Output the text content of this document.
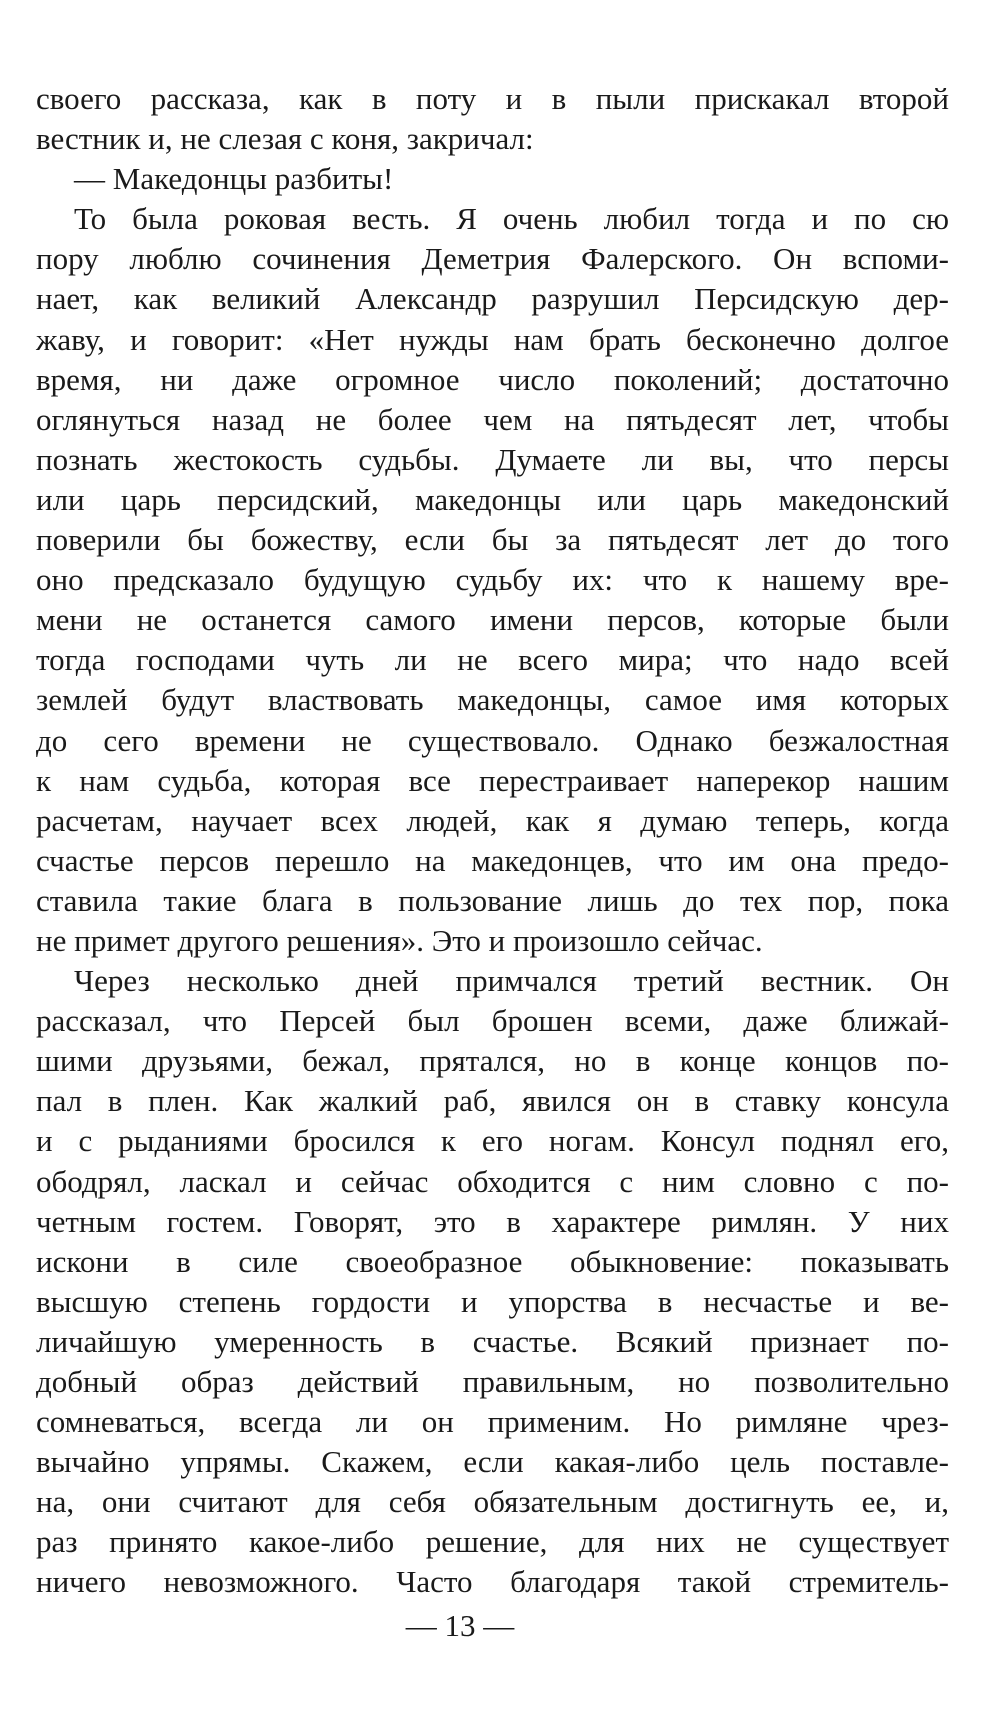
своего рассказа, как в поту и в пыли прискакал второй
вестник и, не слезая с коня, закричал:
— Македонцы разбиты!
То была роковая весть. Я очень любил тогда и по сю
пору люблю сочинения Деметрия Фалерского. Он вспоми-
нает, как великий Александр разрушил Персидскую дер-
жаву, и говорит: «Нет нужды нам брать бесконечно долгое
время, ни даже огромное число поколений; достаточно
оглянуться назад не более чем на пятьдесят лет, чтобы
познать жестокость судьбы. Думаете ли вы, что персы
или царь персидский, македонцы или царь македонский
поверили бы божеству, если бы за пятьдесят лет до того
оно предсказало будущую судьбу их: что к нашему вре-
мени не останется самого имени персов, которые были
тогда господами чуть ли не всего мира; что надо всей
землей будут властвовать македонцы, самое имя которых
до сего времени не существовало. Однако безжалостная
к нам судьба, которая все перестраивает наперекор нашим
расчетам, научает всех людей, как я думаю теперь, когда
счастье персов перешло на македонцев, что им она предо-
ставила такие блага в пользование лишь до тех пор, пока
не примет другого решения». Это и произошло сейчас.
Через несколько дней примчался третий вестник. Он
рассказал, что Персей был брошен всеми, даже ближай-
шими друзьями, бежал, прятался, но в конце концов по-
пал в плен. Как жалкий раб, явился он в ставку консула
и с рыданиями бросился к его ногам. Консул поднял его,
ободрял, ласкал и сейчас обходится с ним словно с по-
четным гостем. Говорят, это в характере римлян. У них
искони в силе своеобразное обыкновение: показывать
высшую степень гордости и упорства в несчастье и ве-
личайшую умеренность в счастье. Всякий признает по-
добный образ действий правильным, но позволительно
сомневаться, всегда ли он применим. Но римляне чрез-
вычайно упрямы. Скажем, если какая-либо цель поставле-
на, они считают для себя обязательным достигнуть ее, и,
раз принято какое-либо решение, для них не существует
ничего невозможного. Часто благодаря такой стремитель-
— 13 —
